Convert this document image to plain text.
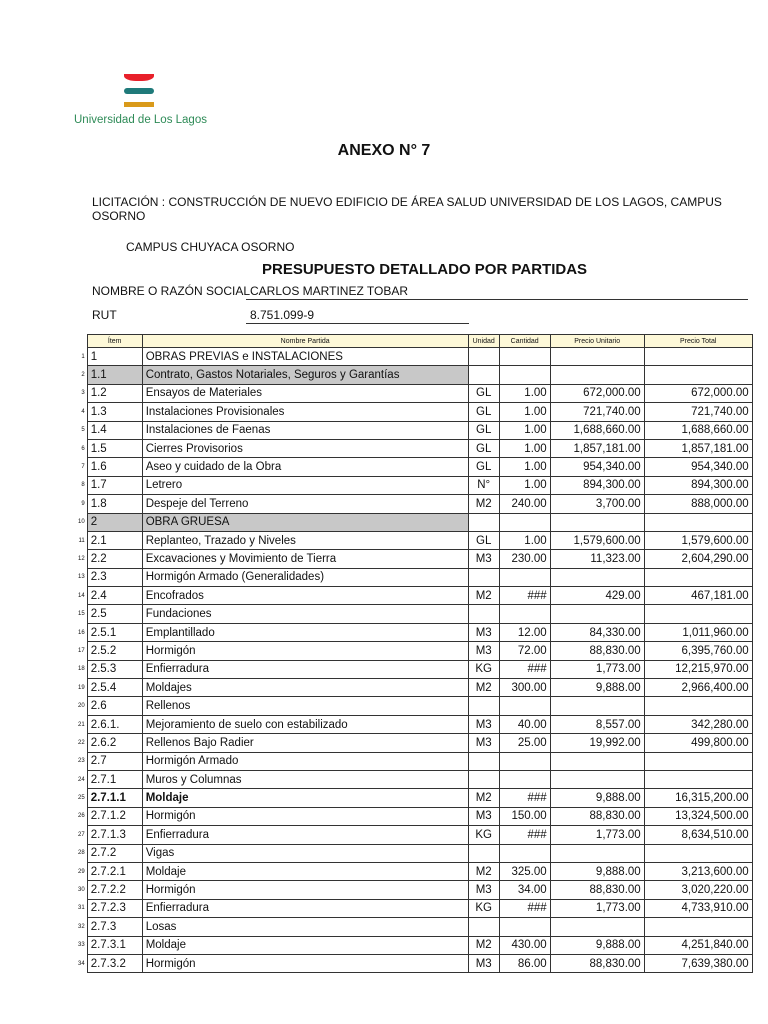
Universidad de Los Lagos
ANEXO N° 7
LICITACIÓN : CONSTRUCCIÓN DE NUEVO EDIFICIO DE ÁREA SALUD UNIVERSIDAD DE LOS LAGOS, CAMPUS OSORNO
CAMPUS CHUYACA OSORNO
PRESUPUESTO DETALLADO POR PARTIDAS
NOMBRE O RAZÓN SOCIAL CARLOS MARTINEZ TOBAR
RUT	8.751.099-9
	Ítem	Nombre Partida	Unidad	Cantidad	Precio Unitario	Precio Total
1	1	OBRAS PREVIAS e INSTALACIONES				
2	1.1	Contrato, Gastos Notariales, Seguros y Garantías				
3	1.2	Ensayos de Materiales	GL	1.00	672,000.00	672,000.00
4	1.3	Instalaciones Provisionales	GL	1.00	721,740.00	721,740.00
5	1.4	Instalaciones de Faenas	GL	1.00	1,688,660.00	1,688,660.00
6	1.5	Cierres Provisorios	GL	1.00	1,857,181.00	1,857,181.00
7	1.6	Aseo y cuidado de la Obra	GL	1.00	954,340.00	954,340.00
8	1.7	Letrero	N°	1.00	894,300.00	894,300.00
9	1.8	Despeje del Terreno	M2	240.00	3,700.00	888,000.00
10	2	OBRA GRUESA				
11	2.1	Replanteo, Trazado y Niveles	GL	1.00	1,579,600.00	1,579,600.00
12	2.2	Excavaciones y Movimiento de Tierra	M3	230.00	11,323.00	2,604,290.00
13	2.3	Hormigón Armado (Generalidades)				
14	2.4	Encofrados	M2	###	429.00	467,181.00
15	2.5	Fundaciones				
16	2.5.1	Emplantillado	M3	12.00	84,330.00	1,011,960.00
17	2.5.2	Hormigón	M3	72.00	88,830.00	6,395,760.00
18	2.5.3	Enfierradura	KG	###	1,773.00	12,215,970.00
19	2.5.4	Moldajes	M2	300.00	9,888.00	2,966,400.00
20	2.6	Rellenos				
21	2.6.1.	Mejoramiento de suelo con estabilizado	M3	40.00	8,557.00	342,280.00
22	2.6.2	Rellenos Bajo Radier	M3	25.00	19,992.00	499,800.00
23	2.7	Hormigón Armado				
24	2.7.1	Muros y Columnas				
25	2.7.1.1	Moldaje	M2	###	9,888.00	16,315,200.00
26	2.7.1.2	Hormigón	M3	150.00	88,830.00	13,324,500.00
27	2.7.1.3	Enfierradura	KG	###	1,773.00	8,634,510.00
28	2.7.2	Vigas				
29	2.7.2.1	Moldaje	M2	325.00	9,888.00	3,213,600.00
30	2.7.2.2	Hormigón	M3	34.00	88,830.00	3,020,220.00
31	2.7.2.3	Enfierradura	KG	###	1,773.00	4,733,910.00
32	2.7.3	Losas				
33	2.7.3.1	Moldaje	M2	430.00	9,888.00	4,251,840.00
34	2.7.3.2	Hormigón	M3	86.00	88,830.00	7,639,380.00
